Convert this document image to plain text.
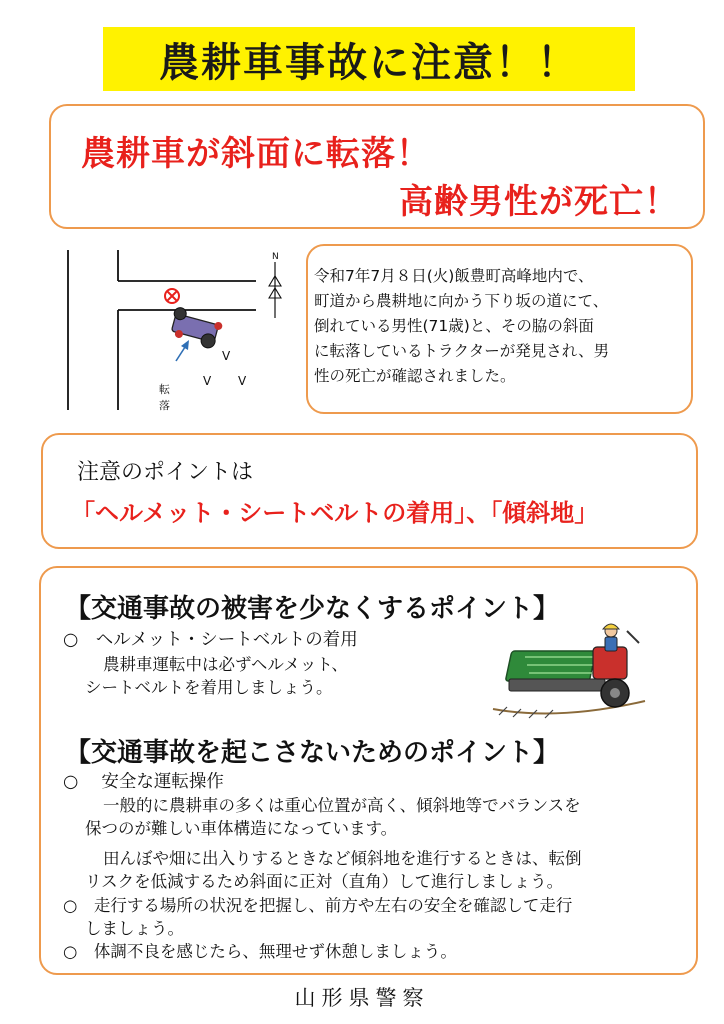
農耕車事故に注意！！
農耕車が斜面に転落！
高齢男性が死亡！
N
転
落
V
V V
令和7年7月８日(火)飯豊町高峰地内で、
町道から農耕地に向かう下り坂の道にて、
倒れている男性(71歳)と、その脇の斜面
に転落しているトラクターが発見され、男
性の死亡が確認されました。
注意のポイントは
「ヘルメット・シートベルトの着用」、「傾斜地」
【交通事故の被害を少なくするポイント】
○　ヘルメット・シートベルトの着用
農耕車運転中は必ずヘルメット、
シートベルトを着用しましょう。
【交通事故を起こさないためのポイント】
○　 安全な運転操作
一般的に農耕車の多くは重心位置が高く、傾斜地等でバランスを
保つのが難しい車体構造になっています。
田んぼや畑に出入りするときなど傾斜地を進行するときは、転倒
リスクを低減するため斜面に正対（直角）して進行しましょう。
○　走行する場所の状況を把握し、前方や左右の安全を確認して走行
しましょう。
○　体調不良を感じたら、無理せず休憩しましょう。
山形県警察
